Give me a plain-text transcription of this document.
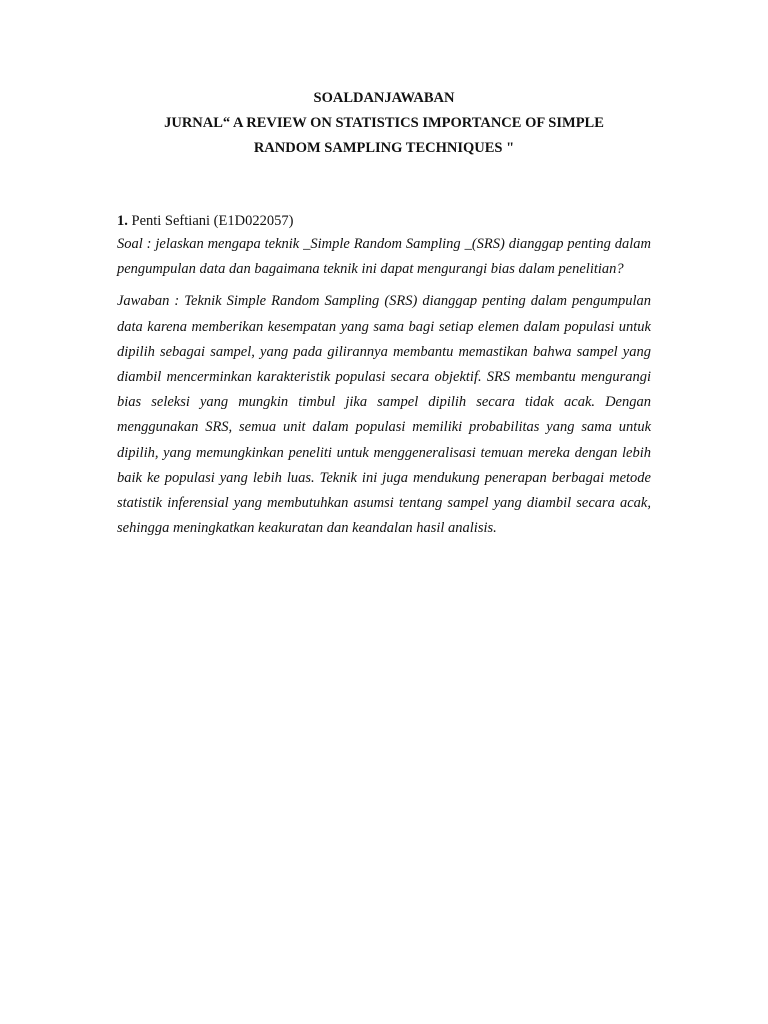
SOALDANJAWABAN
JURNAL“ A REVIEW ON STATISTICS IMPORTANCE OF SIMPLE
RANDOM SAMPLING TECHNIQUES "
1. Penti Seftiani (E1D022057)

Soal : jelaskan mengapa teknik _Simple Random Sampling _(SRS) dianggap penting dalam pengumpulan data dan bagaimana teknik ini dapat mengurangi bias dalam penelitian?

Jawaban : Teknik Simple Random Sampling (SRS) dianggap penting dalam pengumpulan data karena memberikan kesempatan yang sama bagi setiap elemen dalam populasi untuk dipilih sebagai sampel, yang pada gilirannya membantu memastikan bahwa sampel yang diambil mencerminkan karakteristik populasi secara objektif. SRS membantu mengurangi bias seleksi yang mungkin timbul jika sampel dipilih secara tidak acak. Dengan menggunakan SRS, semua unit dalam populasi memiliki probabilitas yang sama untuk dipilih, yang memungkinkan peneliti untuk menggeneralisasi temuan mereka dengan lebih baik ke populasi yang lebih luas. Teknik ini juga mendukung penerapan berbagai metode statistik inferensial yang membutuhkan asumsi tentang sampel yang diambil secara acak, sehingga meningkatkan keakuratan dan keandalan hasil analisis.
